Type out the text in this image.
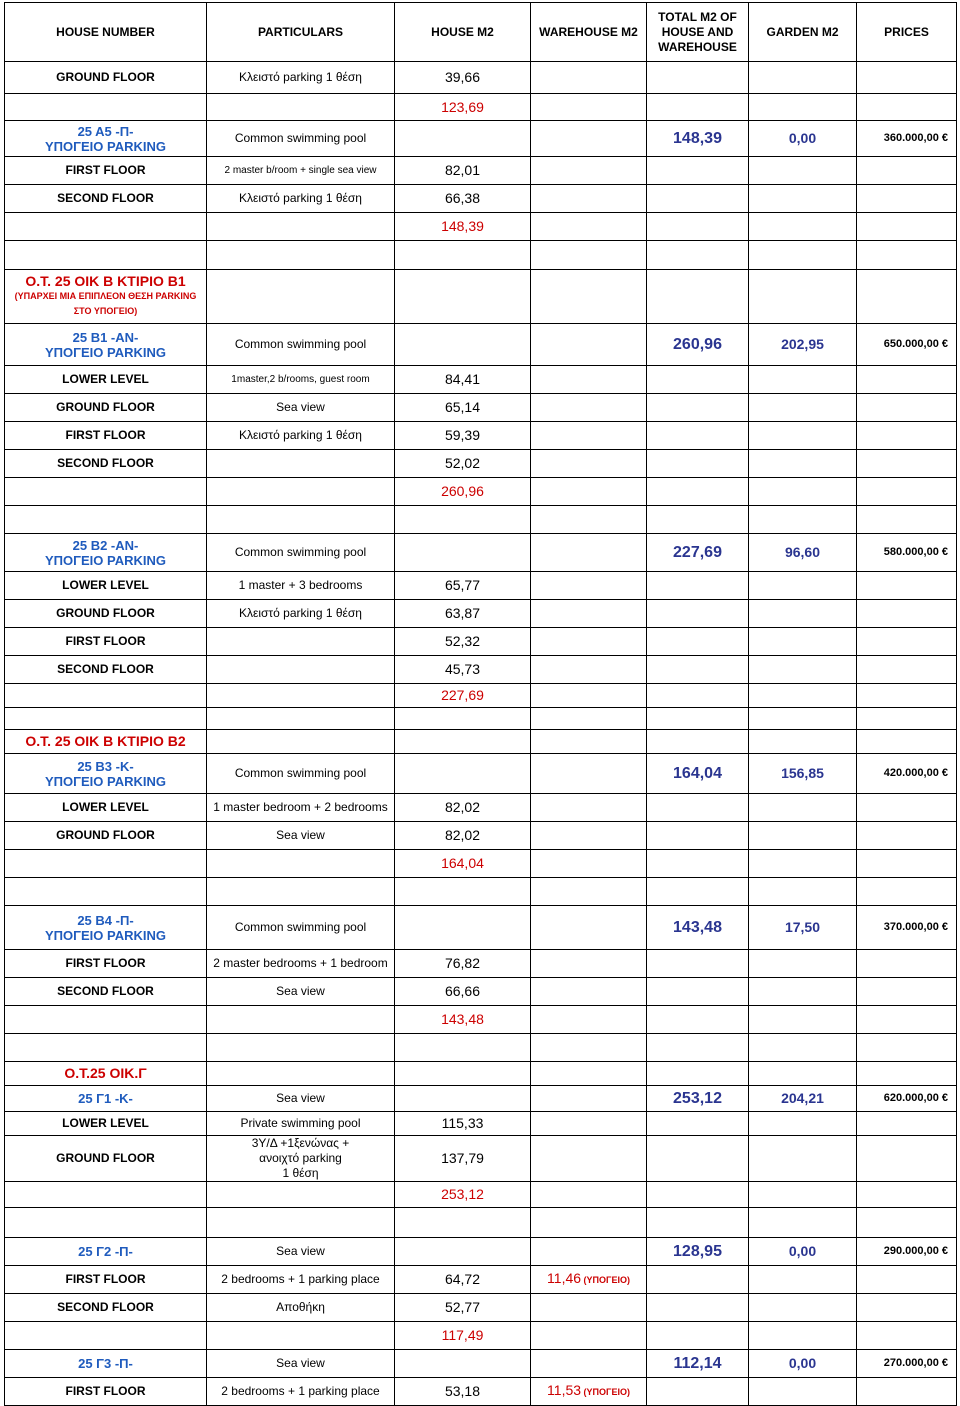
HOUSE NUMBER	PARTICULARS	HOUSE M2	WAREHOUSE M2	TOTAL M2 OF HOUSE AND WAREHOUSE	GARDEN M2	PRICES
GROUND FLOOR	Κλειστό parking 1 θέση	39,66				
		123,69				

25 Α5 -Π-
ΥΠΟΓΕΙΟ PARKING	Common swimming pool			148,39	0,00	360.000,00 €
FIRST FLOOR	2 master b/room + single sea view	82,01				
SECOND FLOOR	Κλειστό parking 1 θέση	66,38				
		148,39				

Ο.Τ. 25 ΟΙΚ Β ΚΤΙΡΙΟ Β1
(ΥΠΑΡΧΕΙ ΜΙΑ ΕΠΙΠΛΕΟΝ ΘΕΣΗ PARKING ΣΤΟ ΥΠΟΓΕΙΟ)						

25 Β1 -ΑΝ-
ΥΠΟΓΕΙΟ PARKING	Common swimming pool			260,96	202,95	650.000,00 €
LOWER LEVEL	1master,2 b/rooms, guest room	84,41				
GROUND FLOOR	Sea view	65,14				
FIRST FLOOR	Κλειστό parking 1 θέση	59,39				
SECOND FLOOR		52,02				
		260,96				

25 Β2 -ΑΝ-
ΥΠΟΓΕΙΟ PARKING	Common swimming pool			227,69	96,60	580.000,00 €
LOWER LEVEL	1 master + 3 bedrooms	65,77				
GROUND FLOOR	Κλειστό parking 1 θέση	63,87				
FIRST FLOOR		52,32				
SECOND FLOOR		45,73				
		227,69				

Ο.Τ. 25 ΟΙΚ Β ΚΤΙΡΙΟ Β2						

25 Β3 -Κ-
ΥΠΟΓΕΙΟ PARKING	Common swimming pool			164,04	156,85	420.000,00 €
LOWER LEVEL	1 master bedroom + 2 bedrooms	82,02				
GROUND FLOOR	Sea view	82,02				
		164,04				

25 Β4 -Π-
ΥΠΟΓΕΙΟ PARKING	Common swimming pool			143,48	17,50	370.000,00 €
FIRST FLOOR	2 master bedrooms + 1 bedroom	76,82				
SECOND FLOOR	Sea view	66,66				
		143,48				

Ο.Τ.25 ΟΙΚ.Γ						
25 Γ1 -Κ-	Sea view			253,12	204,21	620.000,00 €
LOWER LEVEL	Private swimming pool	115,33				
GROUND FLOOR	3Υ/Δ +1ξενώνας +
ανοιχτό parking
1 θέση	137,79				
		253,12				

25 Γ2 -Π-	Sea view			128,95	0,00	290.000,00 €
FIRST FLOOR	2 bedrooms + 1 parking place	64,72	11,46 (ΥΠΟΓΕΙΟ)			
SECOND FLOOR	Αποθήκη	52,77				
		117,49				
25 Γ3 -Π-	Sea view			112,14	0,00	270.000,00 €
FIRST FLOOR	2 bedrooms + 1 parking place	53,18	11,53 (ΥΠΟΓΕΙΟ)			
